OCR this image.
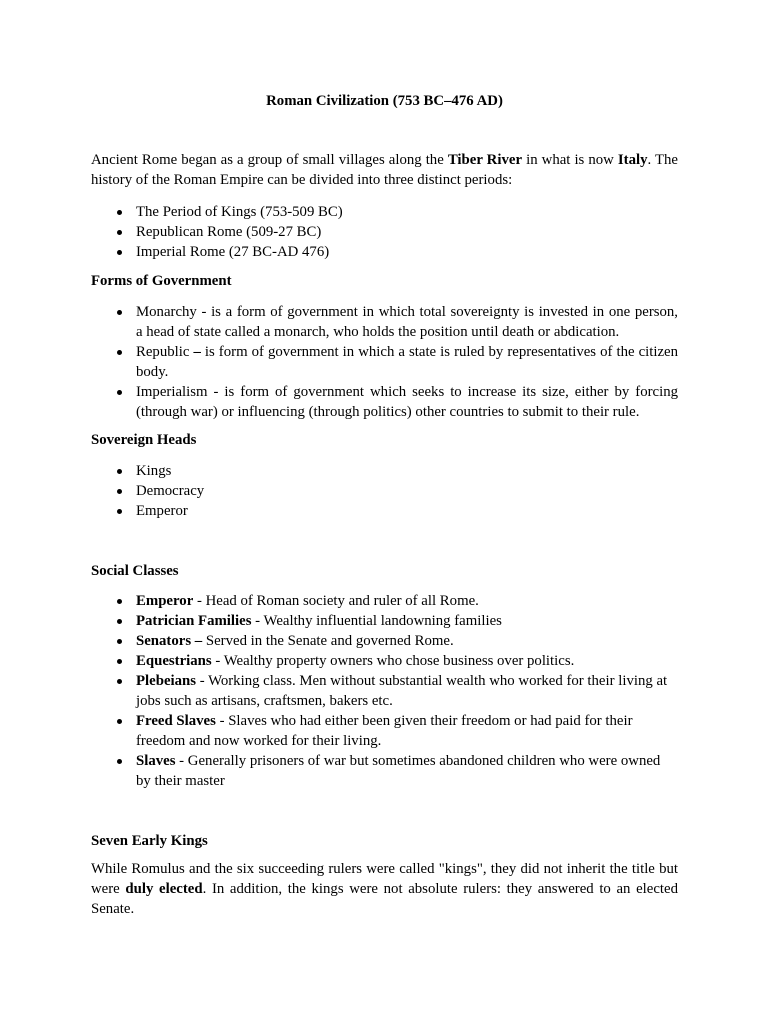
Roman Civilization (753 BC–476 AD)
Ancient Rome began as a group of small villages along the Tiber River in what is now Italy. The
history of the Roman Empire can be divided into three distinct periods:
The Period of Kings (753-509 BC)
Republican Rome (509-27 BC)
Imperial Rome (27 BC-AD 476)
Forms of Government
Monarchy - is a form of government in which total sovereignty is invested in one person,
a head of state called a monarch, who holds the position until death or abdication.
Republic – is form of government in which a state is ruled by representatives of the citizen
body.
Imperialism - is form of government which seeks to increase its size, either by forcing
(through war) or influencing (through politics) other countries to submit to their rule.
Sovereign Heads
Kings
Democracy
Emperor
Social Classes
Emperor - Head of Roman society and ruler of all Rome.
Patrician Families - Wealthy influential landowning families
Senators – Served in the Senate and governed Rome.
Equestrians - Wealthy property owners who chose business over politics.
Plebeians - Working class. Men without substantial wealth who worked for their living at
jobs such as artisans, craftsmen, bakers etc.
Freed Slaves - Slaves who had either been given their freedom or had paid for their
freedom and now worked for their living.
Slaves - Generally prisoners of war but sometimes abandoned children who were owned
by their master
Seven Early Kings
While Romulus and the six succeeding rulers were called "kings", they did not inherit the title but
were duly elected. In addition, the kings were not absolute rulers: they answered to an elected
Senate.
